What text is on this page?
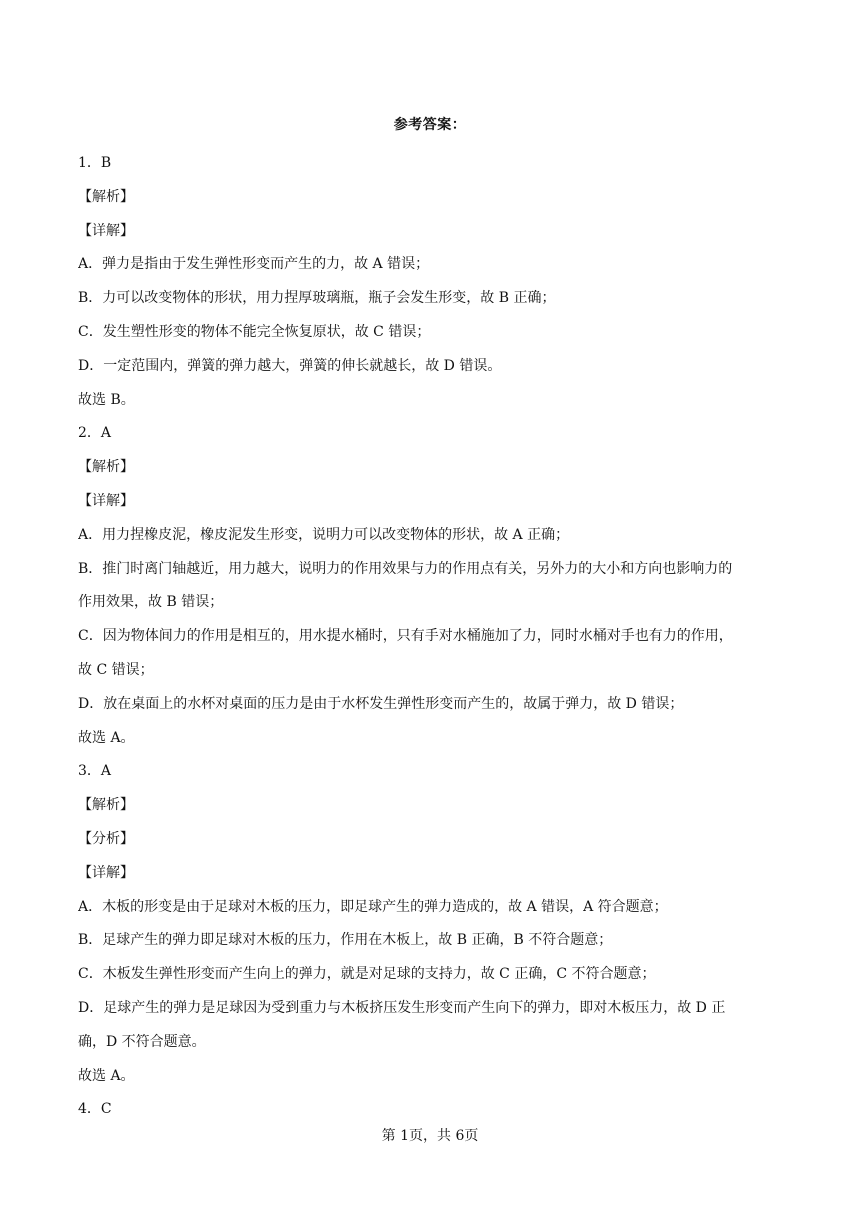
参考答案：
1．B
【解析】
【详解】
A．弹力是指由于发生弹性形变而产生的力，故 A 错误；
B．力可以改变物体的形状，用力捏厚玻璃瓶，瓶子会发生形变，故 B 正确；
C．发生塑性形变的物体不能完全恢复原状，故 C 错误；
D．一定范围内，弹簧的弹力越大，弹簧的伸长就越长，故 D 错误。
故选 B。
2．A
【解析】
【详解】
A．用力捏橡皮泥，橡皮泥发生形变，说明力可以改变物体的形状，故 A 正确；
B．推门时离门轴越近，用力越大，说明力的作用效果与力的作用点有关，另外力的大小和方向也影响力的
作用效果，故 B 错误；
C．因为物体间力的作用是相互的，用水提水桶时，只有手对水桶施加了力，同时水桶对手也有力的作用，
故 C 错误；
D．放在桌面上的水杯对桌面的压力是由于水杯发生弹性形变而产生的，故属于弹力，故 D 错误；
故选 A。
3．A
【解析】
【分析】
【详解】
A．木板的形变是由于足球对木板的压力，即足球产生的弹力造成的，故 A 错误，A 符合题意；
B．足球产生的弹力即足球对木板的压力，作用在木板上，故 B 正确，B 不符合题意；
C．木板发生弹性形变而产生向上的弹力，就是对足球的支持力，故 C 正确，C 不符合题意；
D．足球产生的弹力是足球因为受到重力与木板挤压发生形变而产生向下的弹力，即对木板压力，故 D 正
确，D 不符合题意。
故选 A。
4．C
第 1页，共 6页
